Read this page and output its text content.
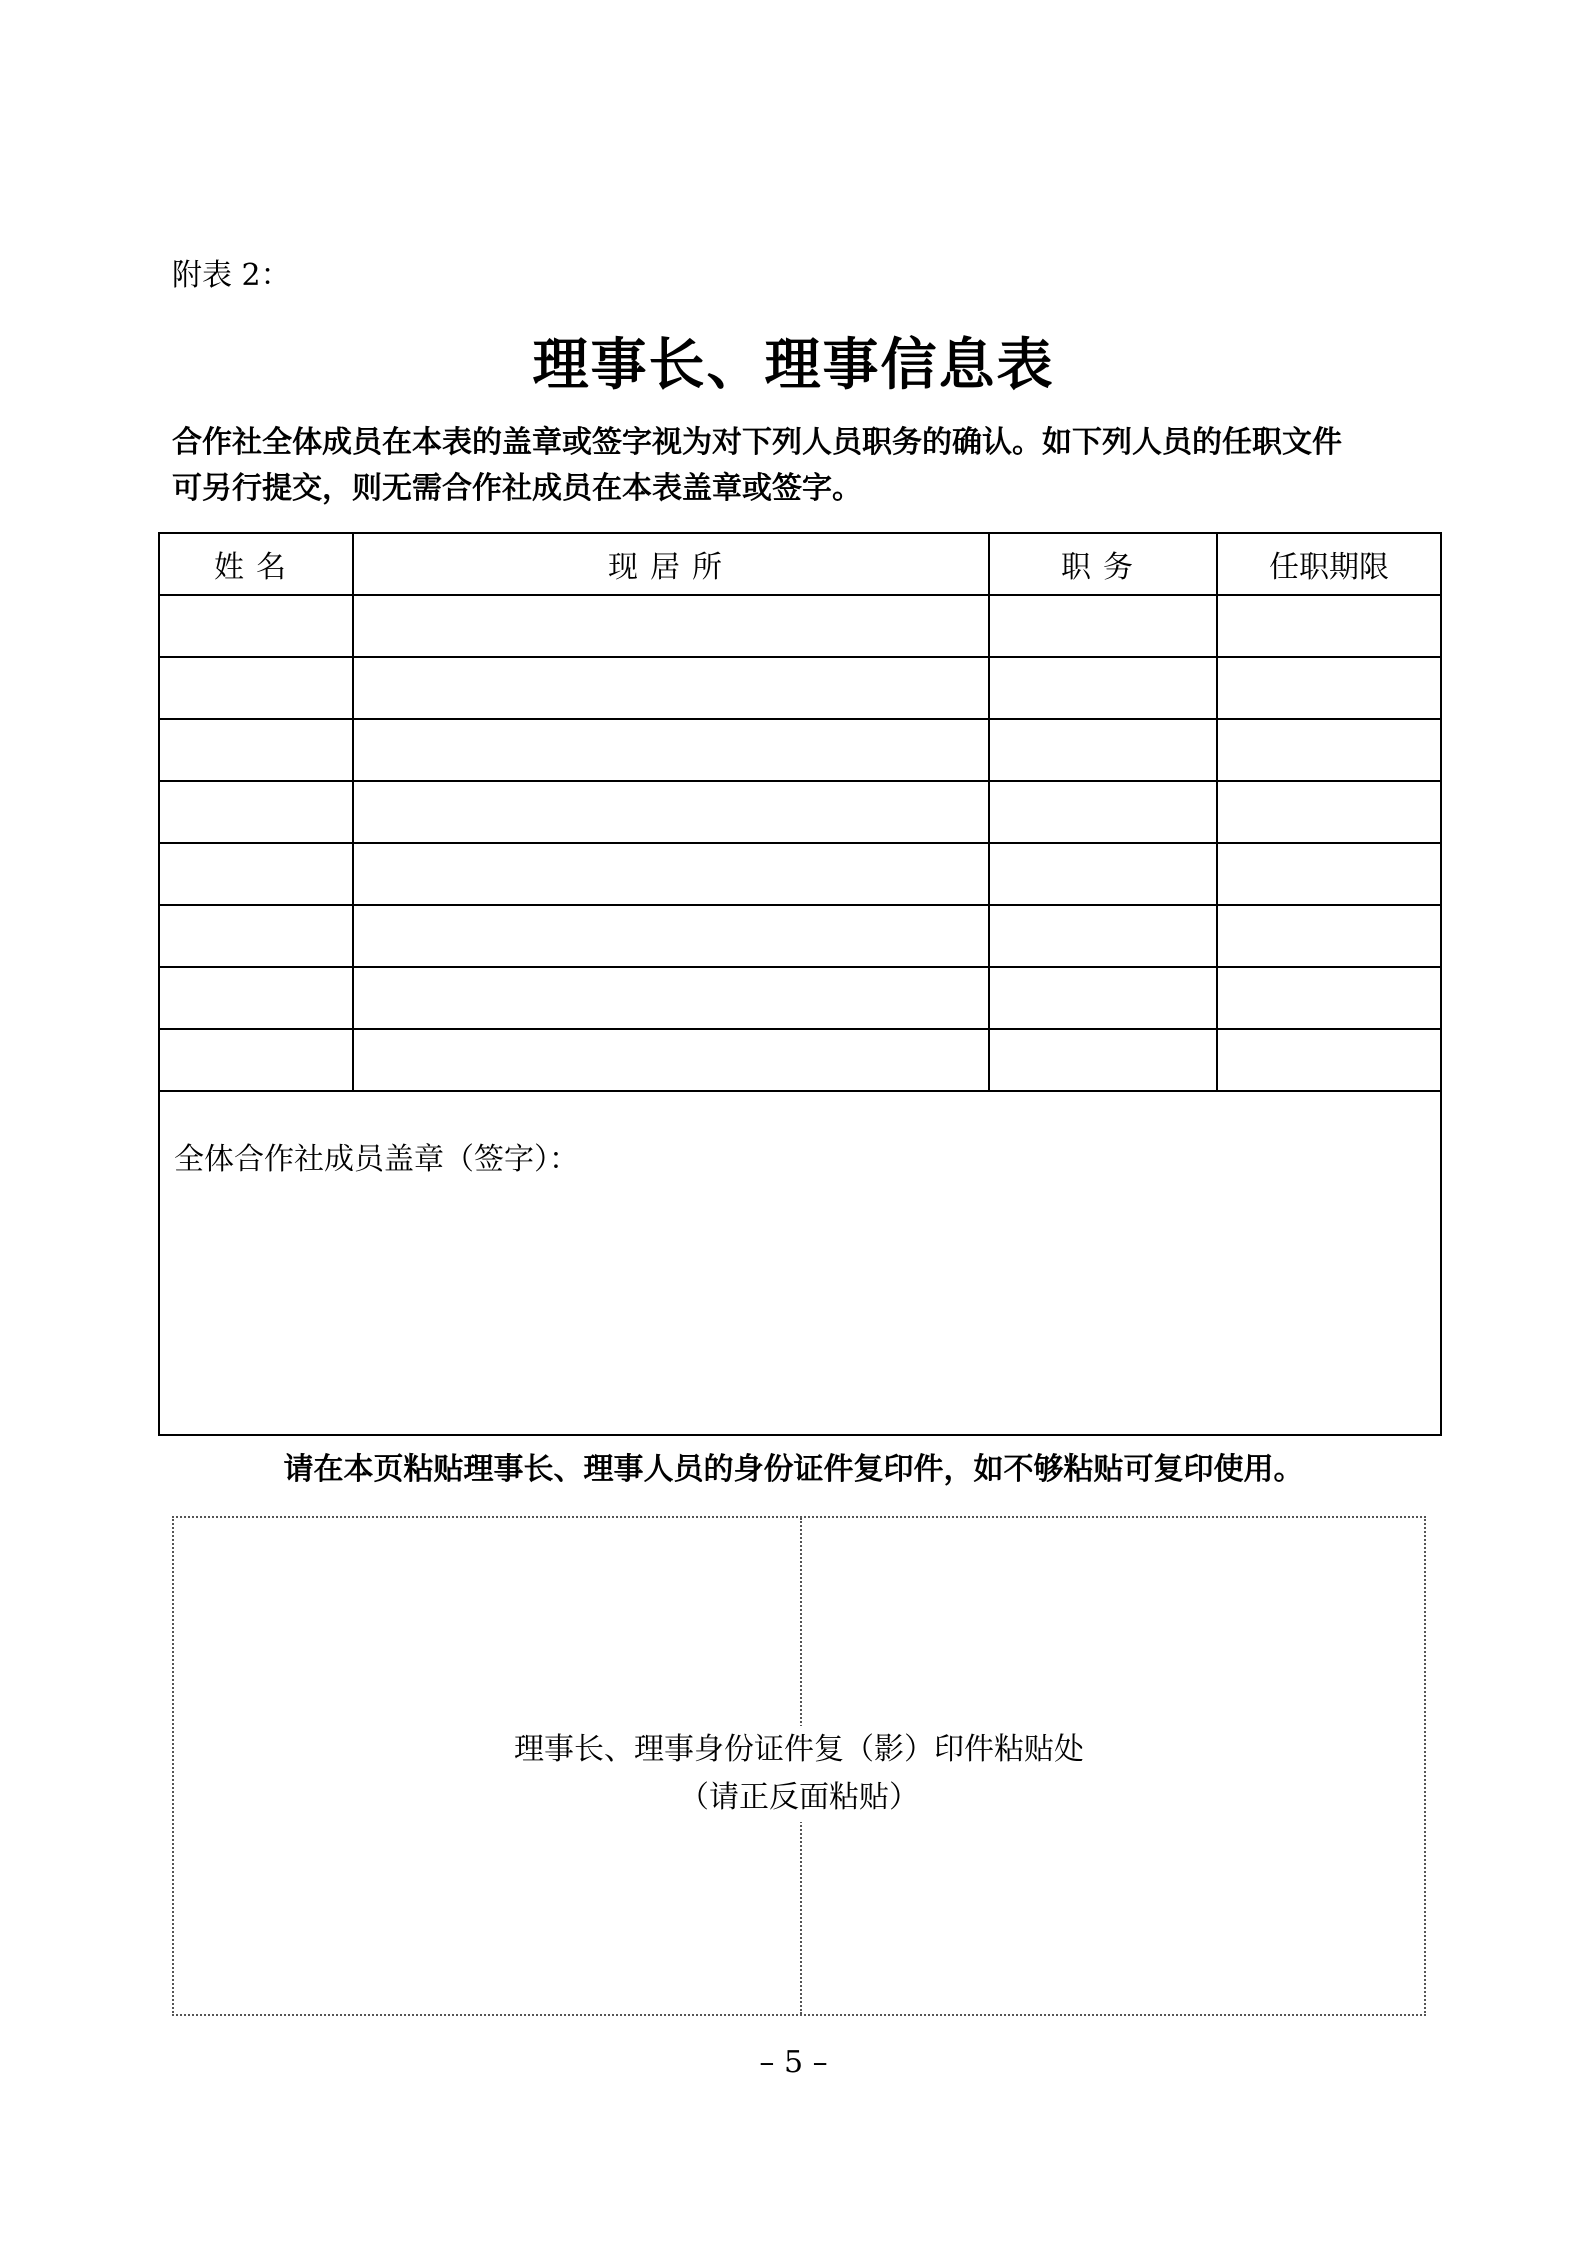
附表 2：
理事长、理事信息表

合作社全体成员在本表的盖章或签字视为对下列人员职务的确认。如下列人员的任职文件

可另行提交，则无需合作社成员在本表盖章或签字。

姓名	现居所	职务	任职期限

全体合作社成员盖章（签字）：			
请在本页粘贴理事长、理事人员的身份证件复印件，如不够粘贴可复印使用。
理事长、理事身份证件复（影）印件粘贴处
（请正反面粘贴）
– 5 –
